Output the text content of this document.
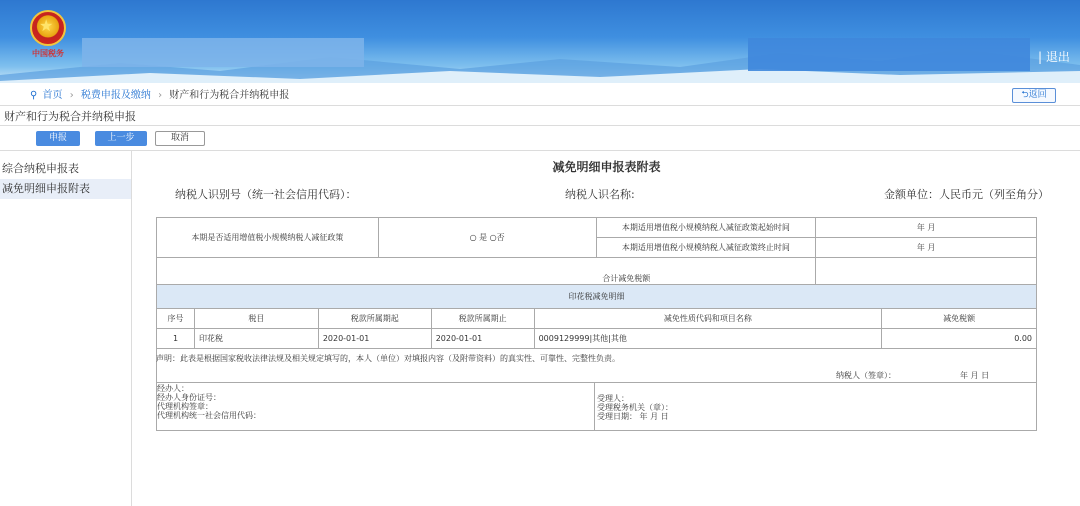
★
中国税务	| 退出
⚲ 首页 › 税费申报及缴纳 › 财产和行为税合并纳税申报	⮌返回
财产和行为税合并纳税申报
申报	上一步	取消
综合纳税申报表
减免明细申报附表
减免明细申报表附表
纳税人识别号（统一社会信用代码）：	纳税人识名称:	金额单位：人民币元（列至角分）
本期是否适用增值税小规模纳税人减征政策	○ 是 ○否	本期适用增值税小规模纳税人减征政策起始时间	年 月
		本期适用增值税小规模纳税人减征政策终止时间	年 月
合计减免税额			
印花税减免明细					
序号	税目	税款所属期起	税款所属期止	减免性质代码和项目名称	减免税额
1	印花税	2020-01-01	2020-01-01	0009129999|其他|其他	0.00
声明：此表是根据国家税收法律法规及相关规定填写的，本人（单位）对填报内容（及附带资料）的真实性、可靠性、完整性负责。
纳税人（签章）：	年 月 日

经办人：
经办人身份证号：
代理机构签章：
代理机构统一社会信用代码：
受理人：
受理税务机关（章）：
受理日期： 年 月 日
